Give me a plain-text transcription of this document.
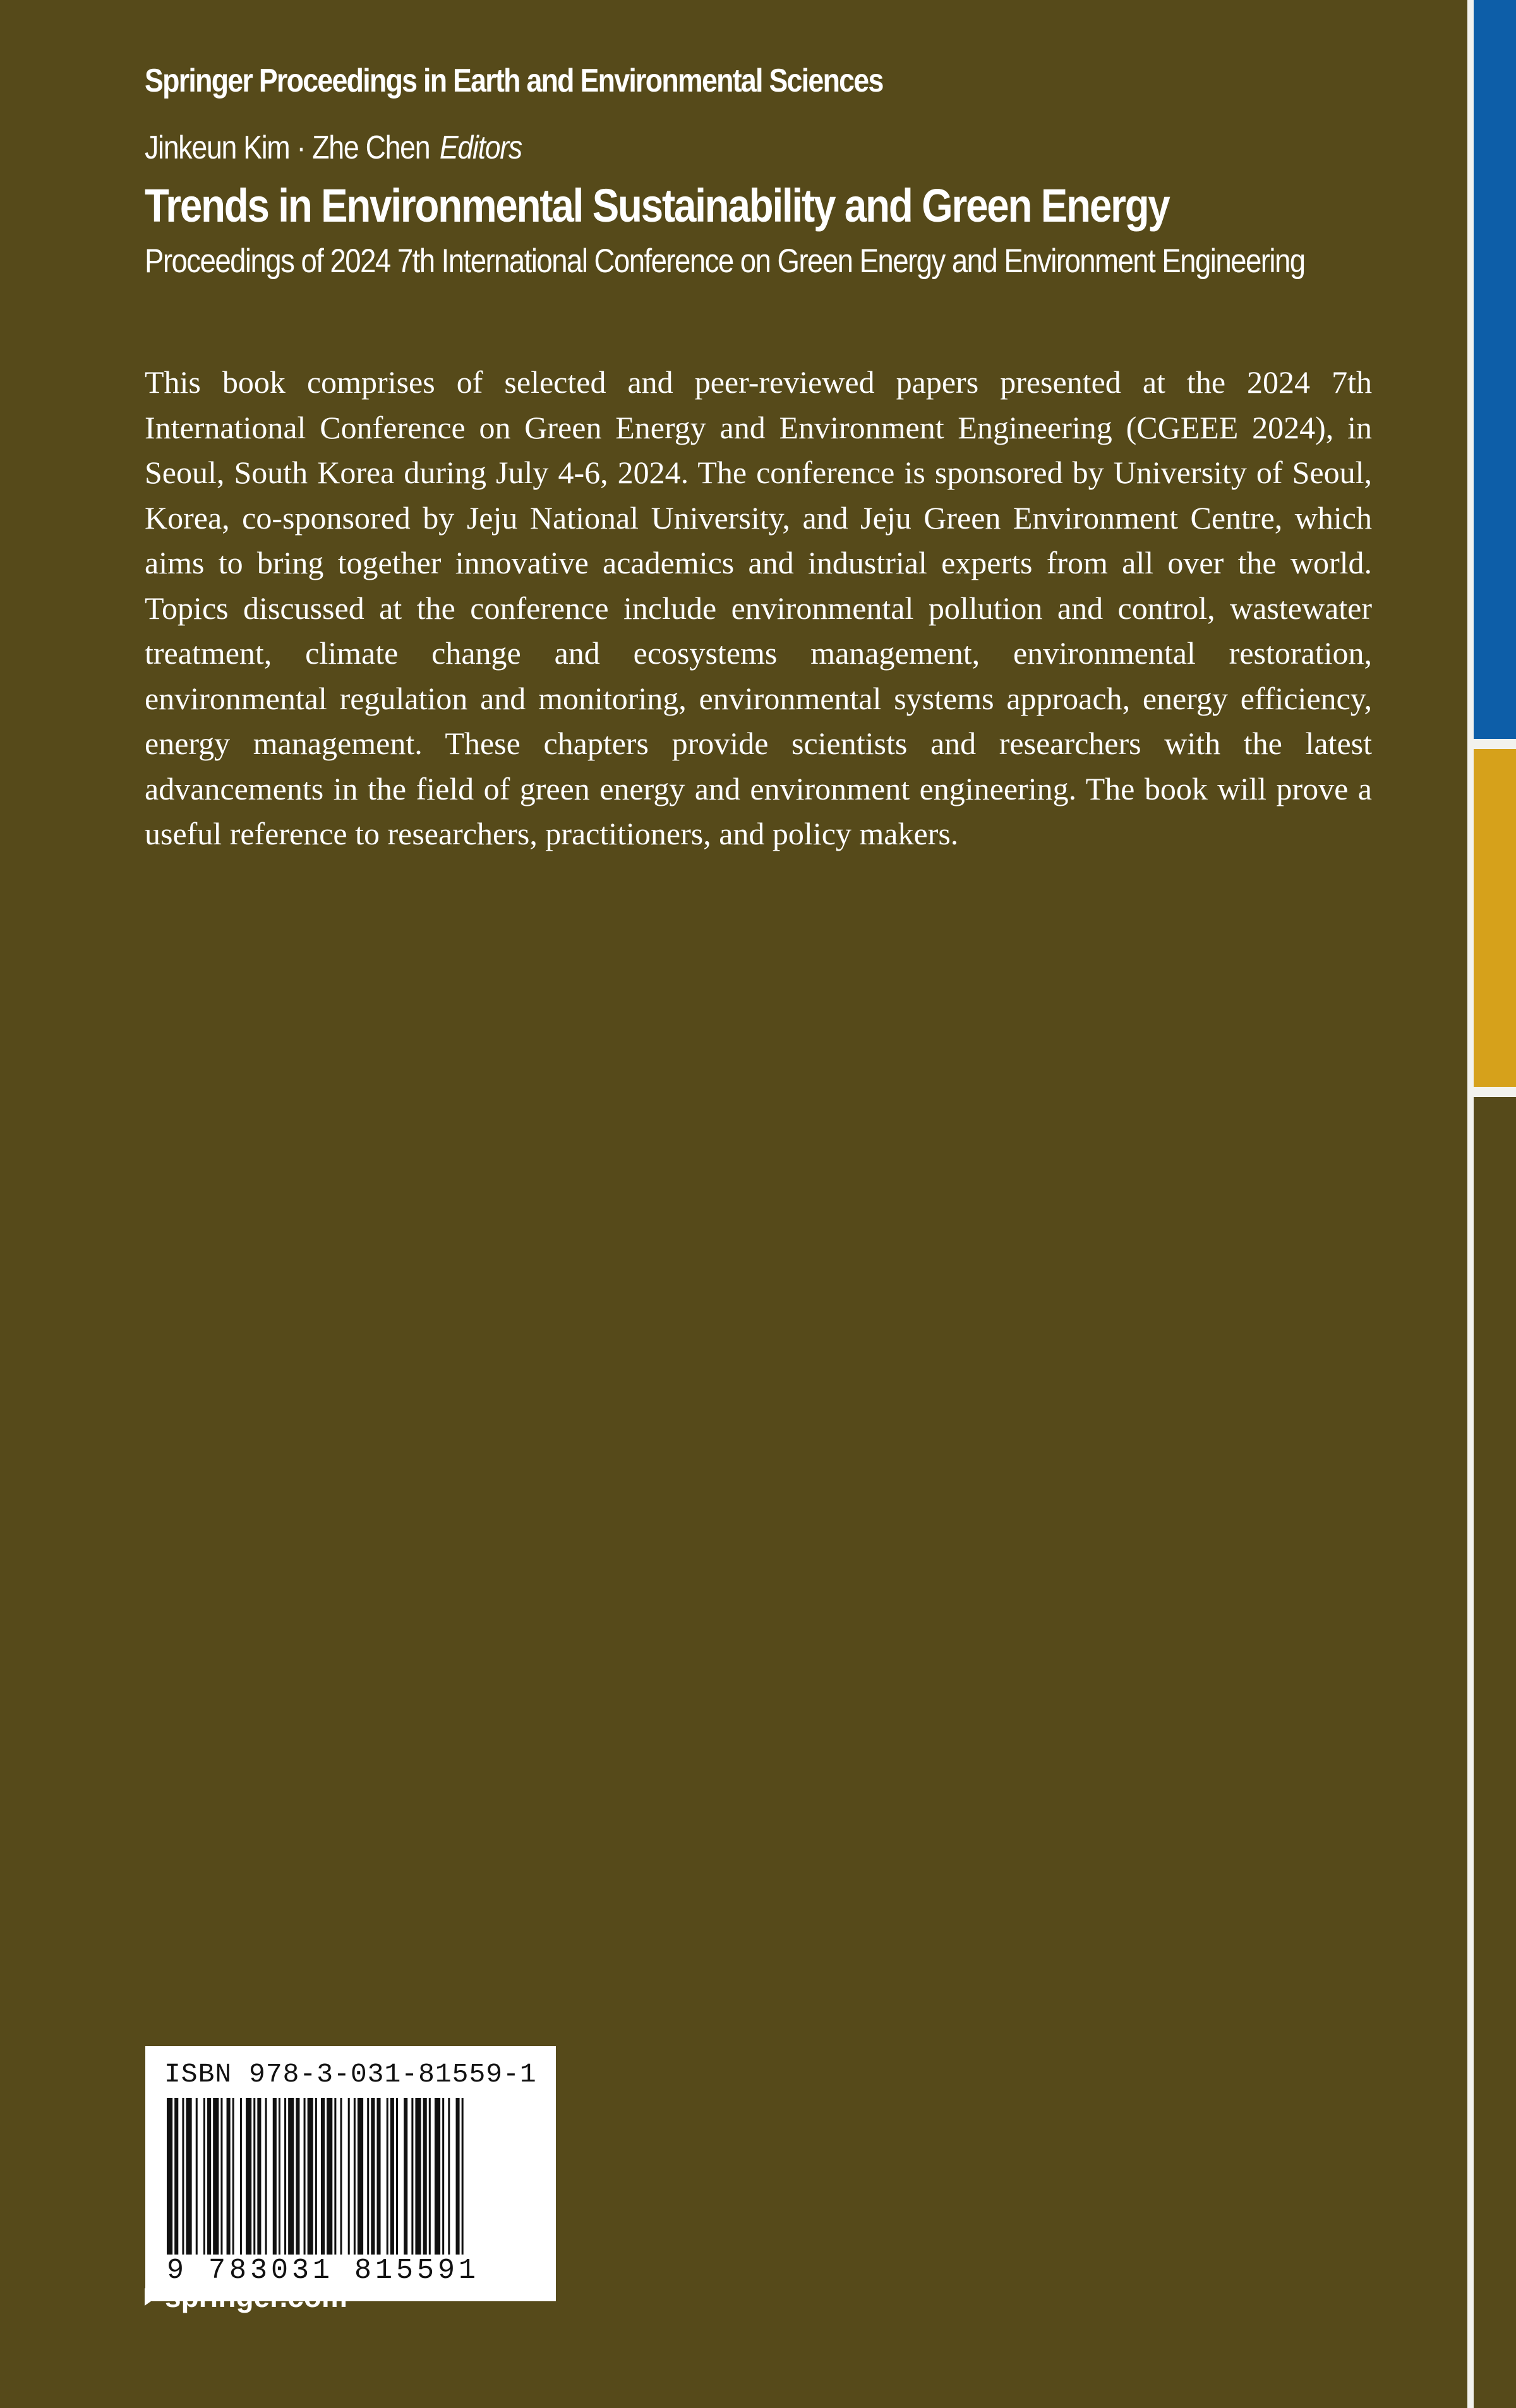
Springer Proceedings in Earth and Environmental Sciences
Jinkeun Kim · Zhe Chen Editors
Trends in Environmental Sustainability and Green Energy
Proceedings of 2024 7th International Conference on Green Energy and Environment Engineering

This book comprises of selected and peer-reviewed papers presented at the 2024 7th International Conference on Green Energy and Environment Engineering (CGEEE 2024), in Seoul, South Korea during July 4-6, 2024. The conference is sponsored by University of Seoul, Korea, co-sponsored by Jeju National University, and Jeju Green Environment Centre, which aims to bring together innovative academics and industrial experts from all over the world. Topics discussed at the conference include environmental pollution and control, wastewater treatment, climate change and ecosystems management, environmental restoration, environmental regulation and monitoring, environmental systems approach, energy efficiency, energy management. These chapters provide scientists and researchers with the latest advancements in the field of green energy and environment engineering. The book will prove a useful reference to researchers, practitioners, and policy makers.

ISBN 978-3-031-81559-1
9 783031 815591
springer.com
